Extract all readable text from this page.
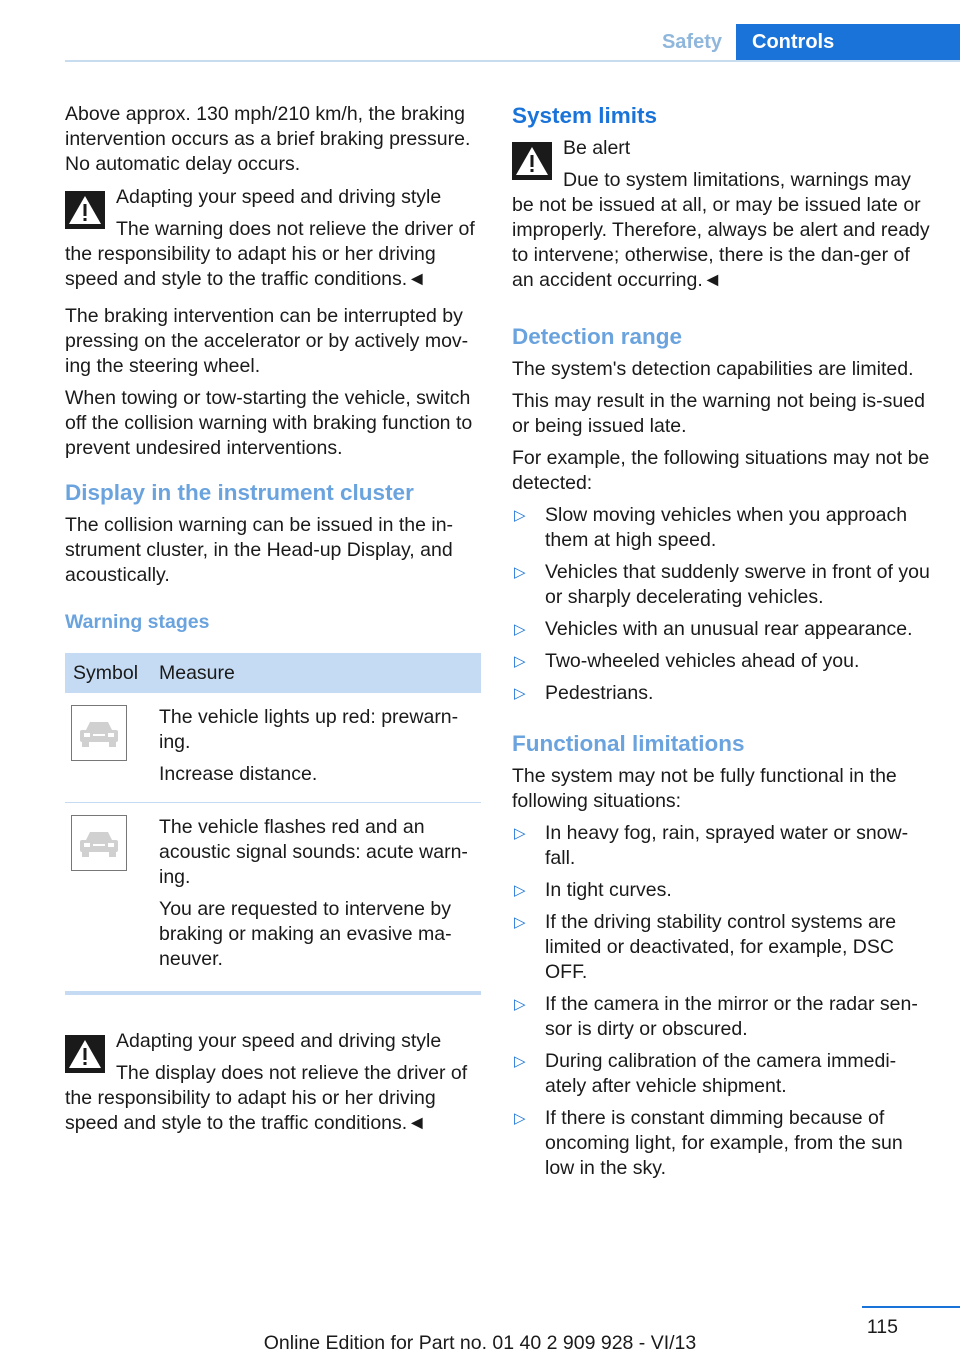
Safety	Controls

Above approx. 130 mph/210 km/h, the braking intervention occurs as a brief braking pressure. No automatic delay occurs.

Adapting your speed and driving style
The warning does not relieve the driver of the responsibility to adapt his or her driving speed and style to the traffic conditions.◄

The braking intervention can be interrupted by pressing on the accelerator or by actively mov‐ing the steering wheel.

When towing or tow-starting the vehicle, switch off the collision warning with braking function to prevent undesired interventions.

Display in the instrument cluster

The collision warning can be issued in the in‐strument cluster, in the Head-up Display, and acoustically.

Warning stages
Symbol	Measure

The vehicle lights up red: prewarn‐ing.

Increase distance.

The vehicle flashes red and an acoustic signal sounds: acute warn‐ing.

You are requested to intervene by braking or making an evasive ma‐neuver.

Adapting your speed and driving style
The display does not relieve the driver of the responsibility to adapt his or her driving speed and style to the traffic conditions.◄
System limits
Be alert
Due to system limitations, warnings may be not be issued at all, or may be issued late or improperly. Therefore, always be alert and ready to intervene; otherwise, there is the dan‐ger of an accident occurring.◄
Detection range

The system's detection capabilities are limited.

This may result in the warning not being is‐sued or being issued late.

For example, the following situations may not be detected:

▷ Slow moving vehicles when you approach them at high speed.
▷ Vehicles that suddenly swerve in front of you or sharply decelerating vehicles.
▷ Vehicles with an unusual rear appearance.
▷ Two-wheeled vehicles ahead of you.
▷ Pedestrians.
Functional limitations

The system may not be fully functional in the following situations:

▷ In heavy fog, rain, sprayed water or snow‐fall.
▷ In tight curves.
▷ If the driving stability control systems are limited or deactivated, for example, DSC OFF.
▷ If the camera in the mirror or the radar sen‐sor is dirty or obscured.
▷ During calibration of the camera immedi‐ately after vehicle shipment.
▷ If there is constant dimming because of oncoming light, for example, from the sun low in the sky.
115
Online Edition for Part no. 01 40 2 909 928 - VI/13
